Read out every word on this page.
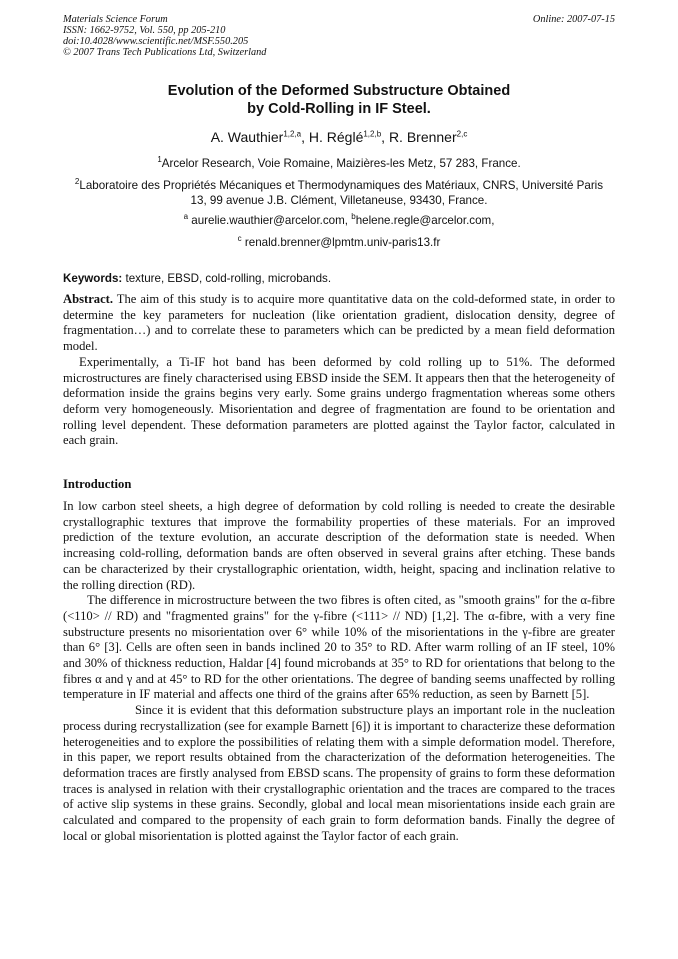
Materials Science Forum
ISSN: 1662-9752, Vol. 550, pp 205-210
doi:10.4028/www.scientific.net/MSF.550.205
© 2007 Trans Tech Publications Ltd, Switzerland
Online: 2007-07-15
Evolution of the Deformed Substructure Obtained
by Cold-Rolling in IF Steel.
A. Wauthier$^{1,2,a}$, H. Réglé$^{1,2,b}$, R. Brenner$^{2,c}$
$^1$Arcelor Research, Voie Romaine, Maizières-les Metz, 57 283, France.
$^2$Laboratoire des Propriétés Mécaniques et Thermodynamiques des Matériaux, CNRS, Université Paris 13, 99 avenue J.B. Clément, Villetaneuse, 93430, France.
$^a$ aurelie.wauthier@arcelor.com, $^b$helene.regle@arcelor.com,
$^c$ renald.brenner@lpmtm.univ-paris13.fr
Keywords: texture, EBSD, cold-rolling, microbands.

Abstract. The aim of this study is to acquire more quantitative data on the cold-deformed state, in order to determine the key parameters for nucleation (like orientation gradient, dislocation density, degree of fragmentation…) and to correlate these to parameters which can be predicted by a mean field deformation model.

Experimentally, a Ti-IF hot band has been deformed by cold rolling up to 51%. The deformed microstructures are finely characterised using EBSD inside the SEM. It appears then that the heterogeneity of deformation inside the grains begins very early. Some grains undergo fragmentation whereas some others deform very homogeneously. Misorientation and degree of fragmentation are found to be orientation and rolling level dependent. These deformation parameters are plotted against the Taylor factor, calculated in each grain.

Introduction

In low carbon steel sheets, a high degree of deformation by cold rolling is needed to create the desirable crystallographic textures that improve the formability properties of these materials. For an improved prediction of the texture evolution, an accurate description of the deformation state is needed. When increasing cold-rolling, deformation bands are often observed in several grains after etching. These bands can be characterized by their crystallographic orientation, width, height, spacing and inclination relative to the rolling direction (RD).

The difference in microstructure between the two fibres is often cited, as "smooth grains" for the α-fibre (<110> // RD) and "fragmented grains" for the γ-fibre (<111> // ND) [1,2]. The α-fibre, with a very fine substructure presents no misorientation over 6° while 10% of the misorientations in the γ-fibre are greater than 6° [3]. Cells are often seen in bands inclined 20 to 35° to RD. After warm rolling of an IF steel, 10% and 30% of thickness reduction, Haldar [4] found microbands at 35° to RD for orientations that belong to the fibres α and γ and at 45° to RD for the other orientations. The degree of banding seems unaffected by rolling temperature in IF material and affects one third of the grains after 65% reduction, as seen by Barnett [5].

Since it is evident that this deformation substructure plays an important role in the nucleation process during recrystallization (see for example Barnett [6]) it is important to characterize these deformation heterogeneities and to explore the possibilities of relating them with a simple deformation model. Therefore, in this paper, we report results obtained from the characterization of the deformation heterogeneities. The deformation traces are firstly analysed from EBSD scans. The propensity of grains to form these deformation traces is analysed in relation with their crystallographic orientation and the traces are compared to the traces of active slip systems in these grains. Secondly, global and local mean misorientations inside each grain are calculated and compared to the propensity of each grain to form deformation bands. Finally the degree of local or global misorientation is plotted against the Taylor factor of each grain.
